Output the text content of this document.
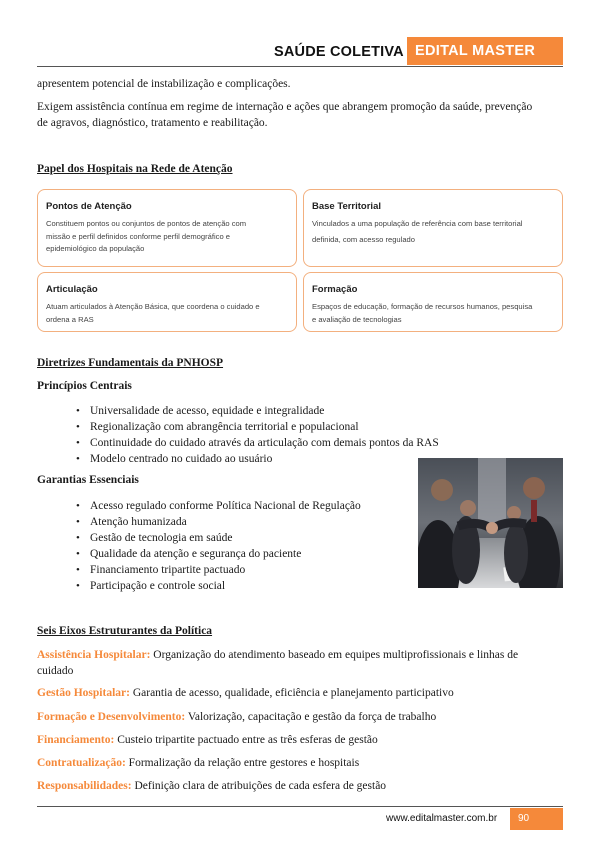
SAÚDE COLETIVA EDITAL MASTER
apresentem potencial de instabilização e complicações.
Exigem assistência contínua em regime de internação e ações que abrangem promoção da saúde, prevenção
de agravos, diagnóstico, tratamento e reabilitação.
Papel dos Hospitais na Rede de Atenção
Pontos de Atenção
Constituem pontos ou conjuntos de pontos de atenção com
missão e perfil definidos conforme perfil demográfico e
epidemiológico da população
Base Territorial
Vinculados a uma população de referência com base territorial
definida, com acesso regulado
Articulação
Atuam articulados à Atenção Básica, que coordena o cuidado e
ordena a RAS
Formação
Espaços de educação, formação de recursos humanos, pesquisa
e avaliação de tecnologias
Diretrizes Fundamentais da PNHOSP
Princípios Centrais
• Universalidade de acesso, equidade e integralidade
• Regionalização com abrangência territorial e populacional
• Continuidade do cuidado através da articulação com demais pontos da RAS
• Modelo centrado no cuidado ao usuário
Garantias Essenciais
• Acesso regulado conforme Política Nacional de Regulação
• Atenção humanizada
• Gestão de tecnologia em saúde
• Qualidade da atenção e segurança do paciente
• Financiamento tripartite pactuado
• Participação e controle social
Seis Eixos Estruturantes da Política
Assistência Hospitalar: Organização do atendimento baseado em equipes multiprofissionais e linhas de
cuidado
Gestão Hospitalar: Garantia de acesso, qualidade, eficiência e planejamento participativo
Formação e Desenvolvimento: Valorização, capacitação e gestão da força de trabalho
Financiamento: Custeio tripartite pactuado entre as três esferas de gestão
Contratualização: Formalização da relação entre gestores e hospitais
Responsabilidades: Definição clara de atribuições de cada esfera de gestão
www.editalmaster.com.br	90
